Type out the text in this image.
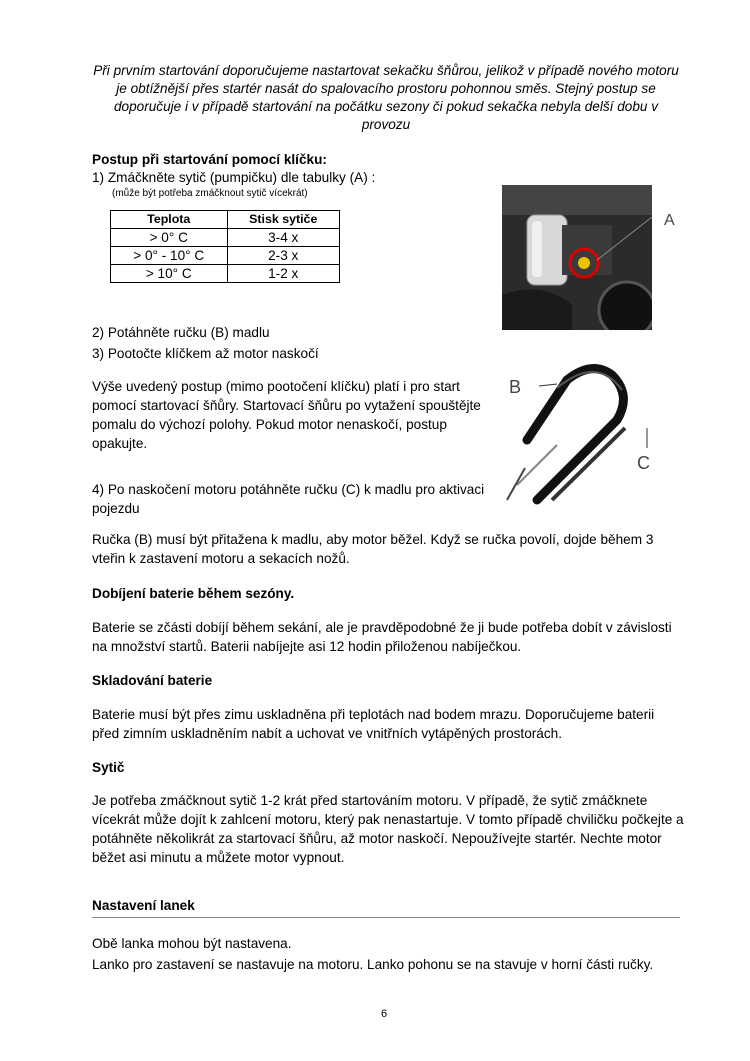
Při prvním startování doporučujeme nastartovat sekačku šňůrou, jelikož v případě nového motoru je obtížnější přes startér nasát do spalovacího prostoru pohonnou směs. Stejný postup se doporučuje i v případě startování na počátku sezony či pokud sekačka nebyla delší dobu v provozu
Postup při startování pomocí klíčku:
1) Zmáčkněte sytič (pumpičku) dle tabulky (A) :
(může být potřeba zmáčknout sytič vícekrát)
Teplota	Stisk sytiče
> 0° C	3-4 x
> 0° - 10° C	2-3 x
> 10° C	1-2 x
A
2) Potáhněte ručku (B) madlu
3) Pootočte klíčkem až motor naskočí
Výše uvedený postup (mimo pootočení klíčku) platí i pro start pomocí startovací šňůry. Startovací šňůru po vytažení spouštějte pomalu do výchozí polohy. Pokud motor nenaskočí, postup opakujte.
B
C
4) Po naskočení motoru potáhněte ručku (C) k madlu pro aktivaci pojezdu
Ručka (B) musí být přitažena k madlu, aby motor běžel. Když se ručka povolí, dojde během 3 vteřin k zastavení motoru a sekacích nožů.
Dobíjení baterie během sezóny.
Baterie se zčásti dobíjí během sekání, ale je pravděpodobné že ji bude potřeba dobít v závislosti na množství startů. Baterii nabíjejte asi 12 hodin přiloženou nabíječkou.
Skladování baterie
Baterie musí být přes zimu uskladněna při teplotách nad bodem mrazu. Doporučujeme baterii před zimním uskladněním nabít a uchovat ve vnitřních vytápěných prostorách.
Sytič
Je potřeba zmáčknout sytič 1-2 krát před startováním motoru. V případě, že sytič zmáčknete vícekrát může dojít k zahlcení motoru, který pak nenastartuje. V tomto případě chviličku počkejte a potáhněte několikrát za startovací šňůru, až motor naskočí. Nepoužívejte startér. Nechte motor běžet asi minutu a můžete motor vypnout.
Nastavení lanek
Obě lanka mohou být nastavena.
Lanko pro zastavení se nastavuje na motoru. Lanko pohonu se na stavuje v horní části ručky.
6
